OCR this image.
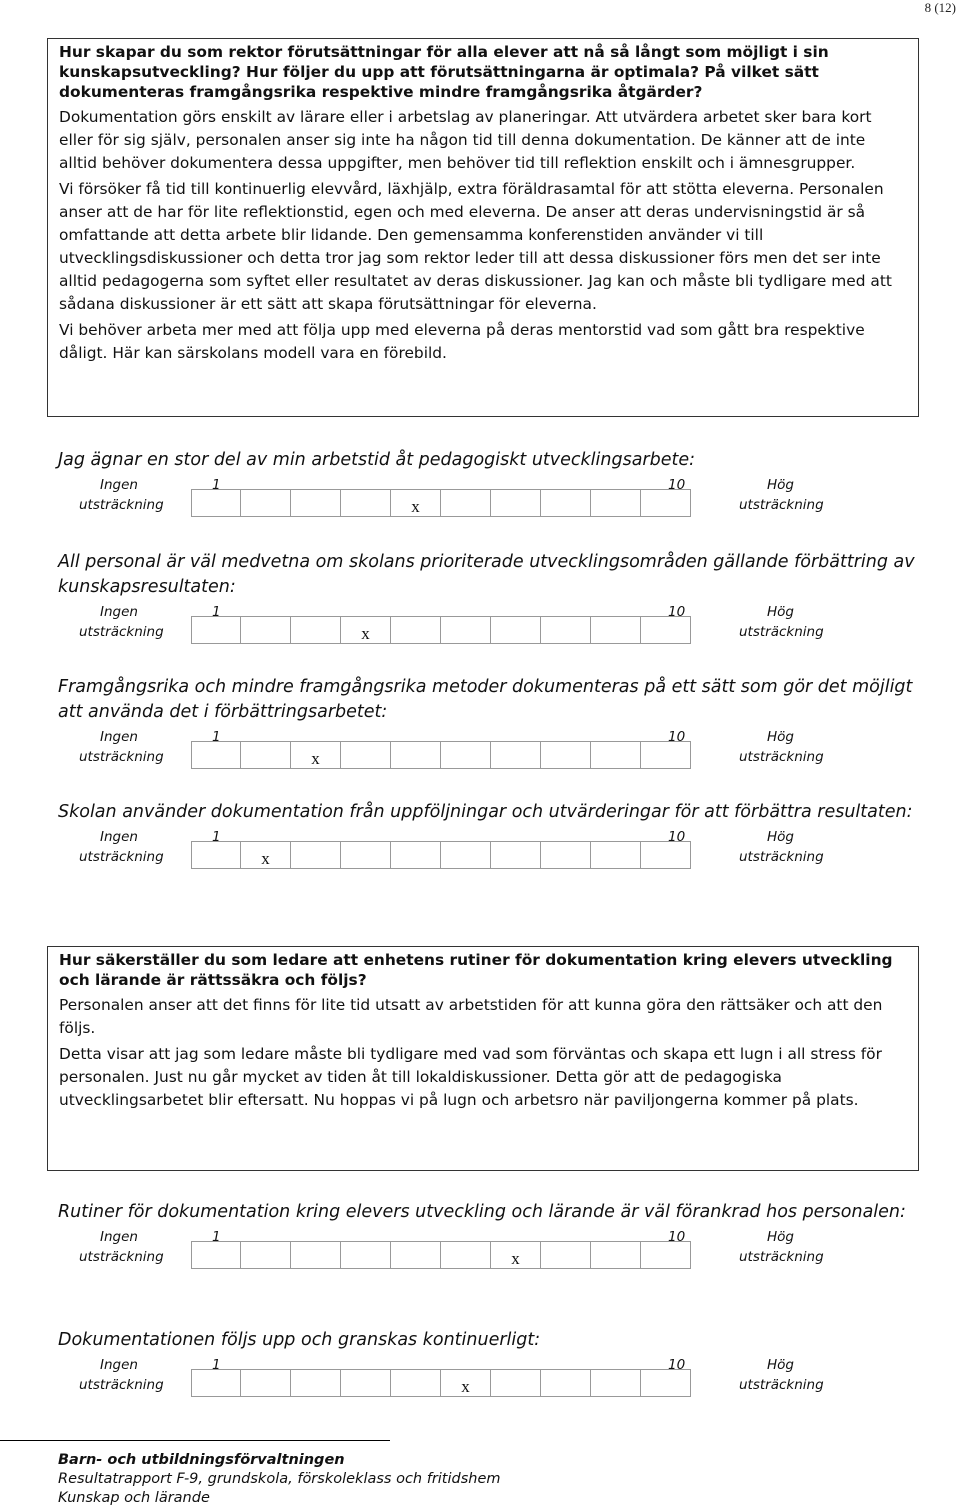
8 (12)
Hur skapar du som rektor förutsättningar för alla elever att nå så långt som möjligt i sin kunskapsutveckling? Hur följer du upp att förutsättningarna är optimala? På vilket sätt dokumenteras framgångsrika respektive mindre framgångsrika åtgärder?

Dokumentation görs enskilt av lärare eller i arbetslag av planeringar. Att utvärdera arbetet sker bara kort eller för sig själv, personalen anser sig inte ha någon tid till denna dokumentation. De känner att de inte alltid behöver dokumentera dessa uppgifter, men behöver tid till reflektion enskilt och i ämnesgrupper.

Vi försöker få tid till kontinuerlig elevvård, läxhjälp, extra föräldrasamtal för att stötta eleverna. Personalen anser att de har för lite reflektionstid, egen och med eleverna. De anser att deras undervisningstid är så omfattande att detta arbete blir lidande. Den gemensamma konferenstiden använder vi till utvecklingsdiskussioner och detta tror jag som rektor leder till att dessa diskussioner förs men det ser inte alltid pedagogerna som syftet eller resultatet av deras diskussioner. Jag kan och måste bli tydligare med att sådana diskussioner är ett sätt att skapa förutsättningar för eleverna.

Vi behöver arbeta mer med att följa upp med eleverna på deras mentorstid vad som gått bra respektive dåligt. Här kan särskolans modell vara en förebild.

Jag ägnar en stor del av min arbetstid åt pedagogiskt utvecklingsarbete:

Ingen
utsträckning
1	10	Hög
utsträckning
x

All personal är väl medvetna om skolans prioriterade utvecklingsområden gällande förbättring av kunskapsresultaten:

Ingen
utsträckning
1	10	Hög
utsträckning
x

Framgångsrika och mindre framgångsrika metoder dokumenteras på ett sätt som gör det möjligt att använda det i förbättringsarbetet:

Ingen
utsträckning
1	10	Hög
utsträckning
x

Skolan använder dokumentation från uppföljningar och utvärderingar för att förbättra resultaten:

Ingen
utsträckning
1	10	Hög
utsträckning
x
Hur säkerställer du som ledare att enhetens rutiner för dokumentation kring elevers utveckling och lärande är rättssäkra och följs?

Personalen anser att det finns för lite tid utsatt av arbetstiden för att kunna göra den rättsäker och att den följs.

Detta visar att jag som ledare måste bli tydligare med vad som förväntas och skapa ett lugn i all stress för personalen. Just nu går mycket av tiden åt till lokaldiskussioner. Detta gör att de pedagogiska utvecklingsarbetet blir eftersatt. Nu hoppas vi på lugn och arbetsro när paviljongerna kommer på plats.

Rutiner för dokumentation kring elevers utveckling och lärande är väl förankrad hos personalen:

Ingen
utsträckning
1	10	Hög
utsträckning
x

Dokumentationen följs upp och granskas kontinuerligt:

Ingen
utsträckning
1	10	Hög
utsträckning
x
Barn- och utbildningsförvaltningen
Resultatrapport F-9, grundskola, förskoleklass och fritidshem
Kunskap och lärande
